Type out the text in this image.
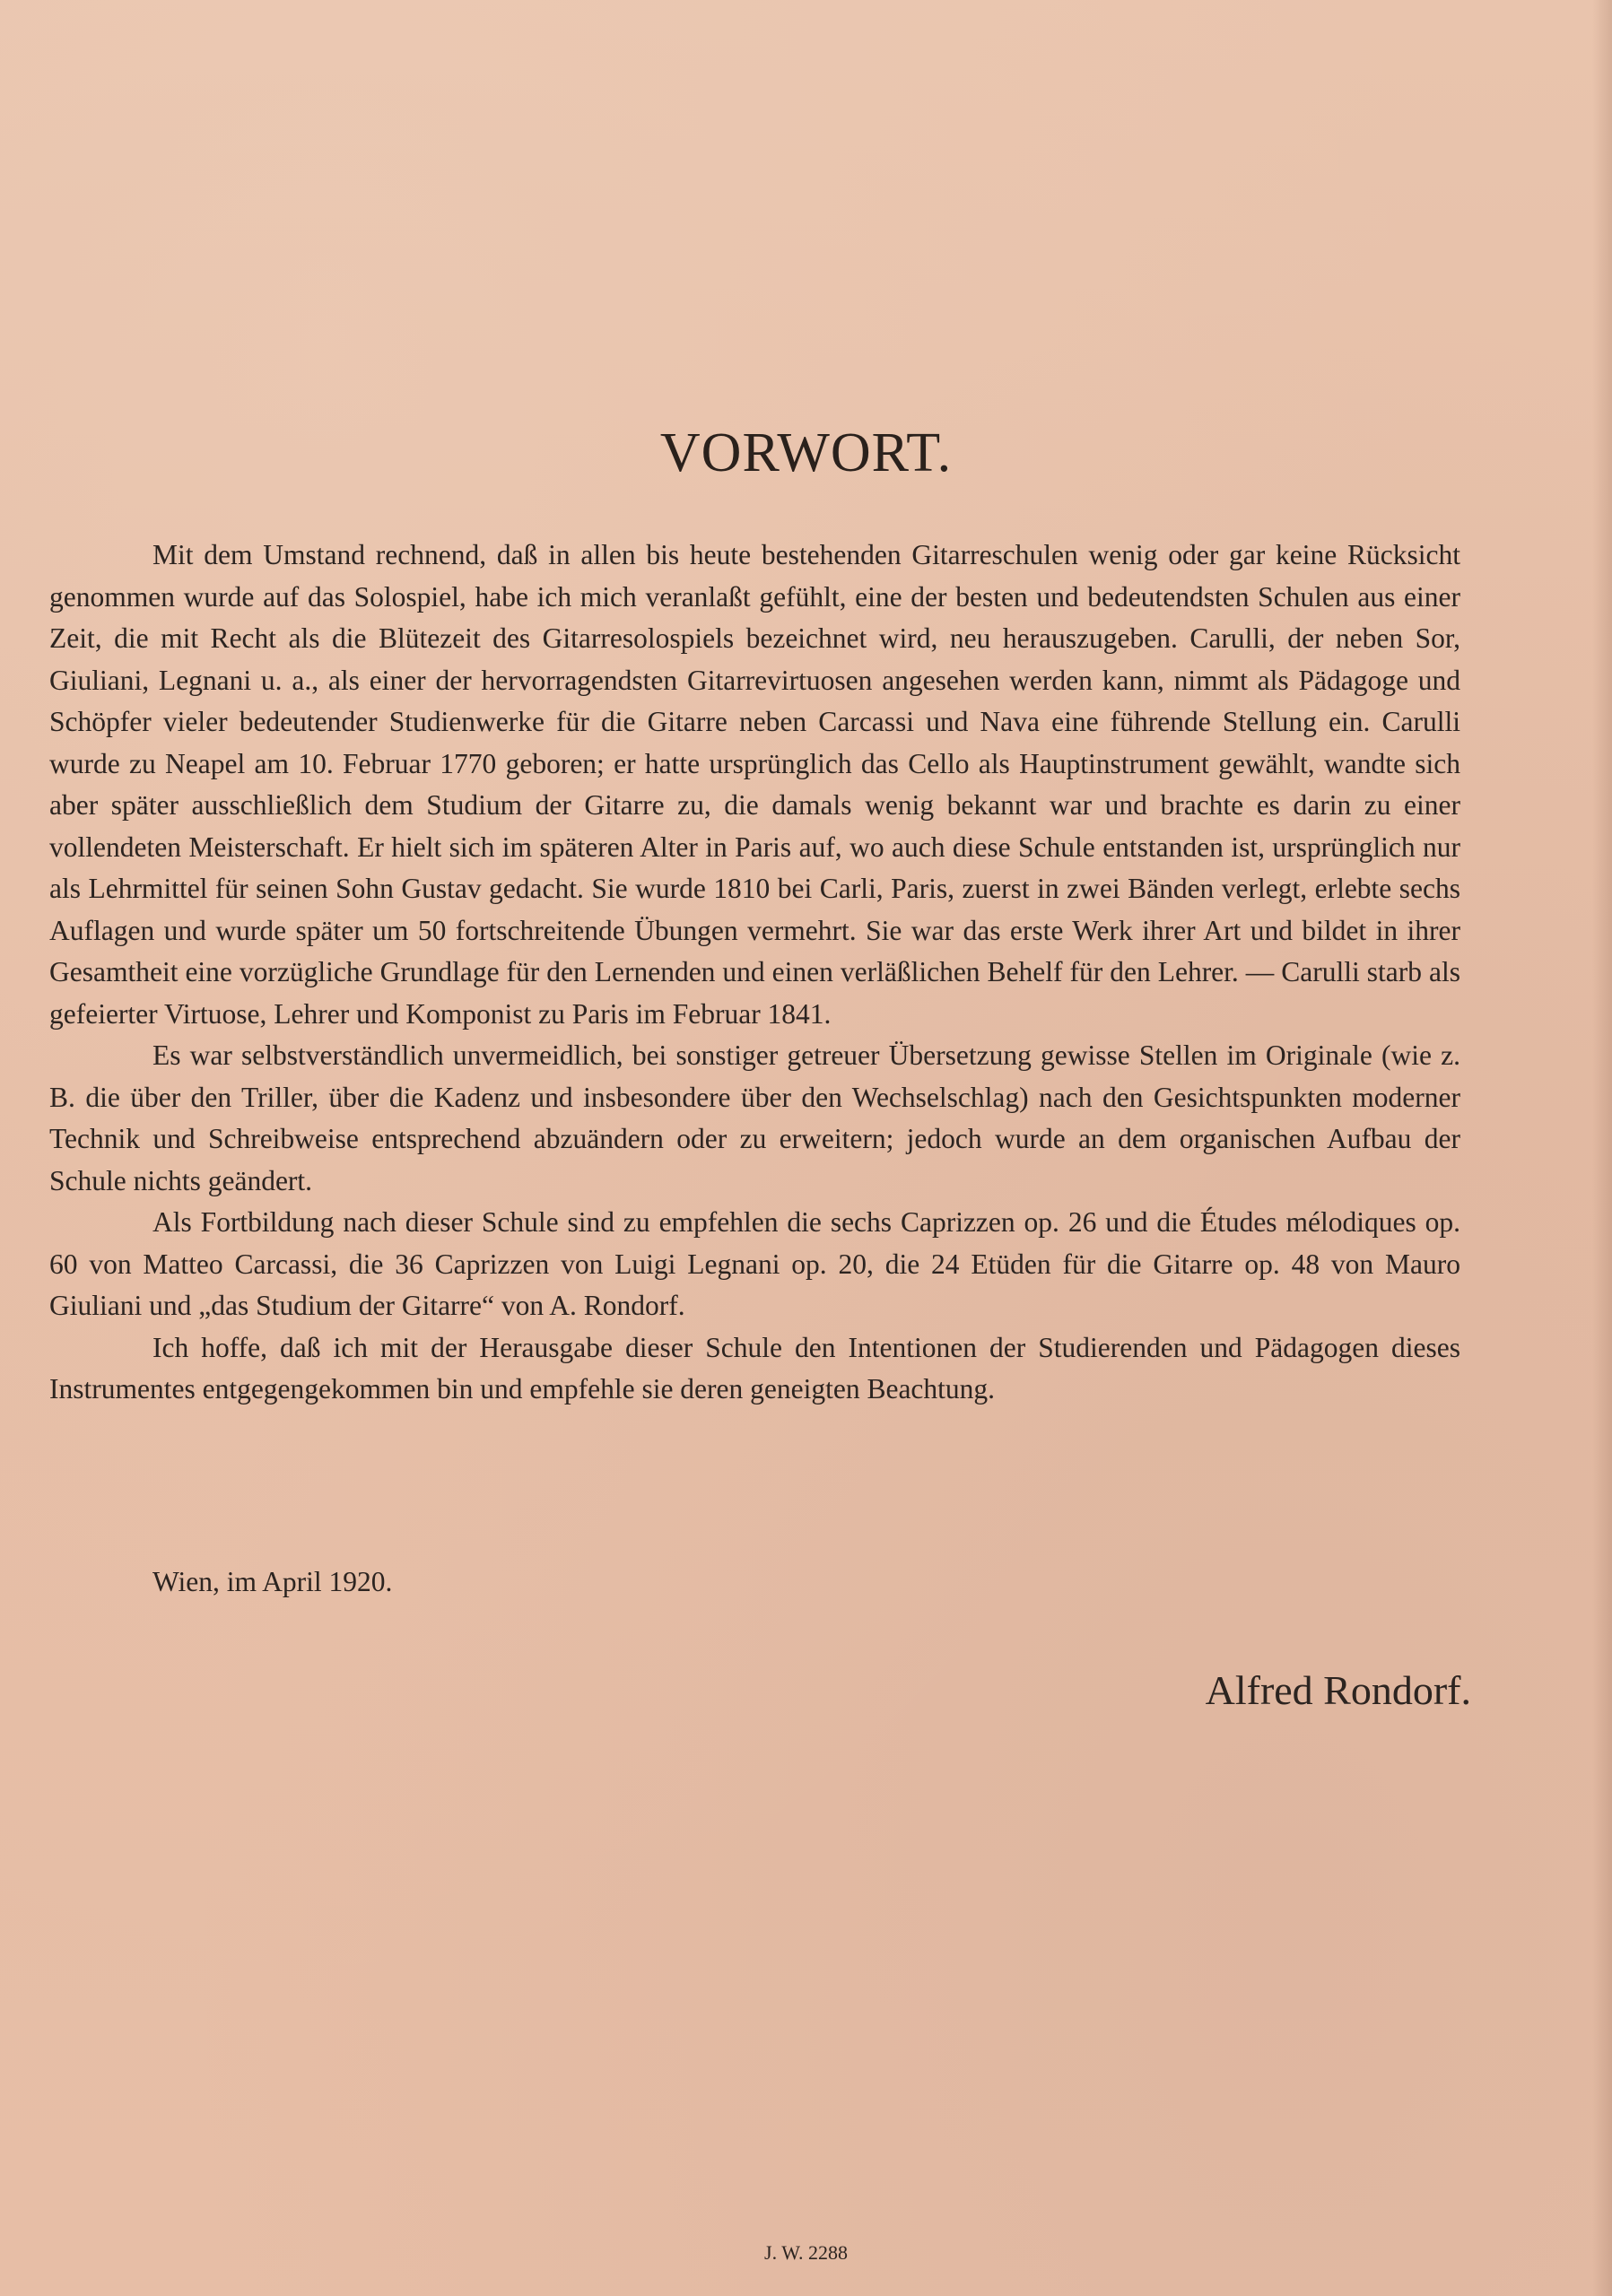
VORWORT.

Mit dem Umstand rechnend, daß in allen bis heute bestehenden Gitarreschulen wenig oder gar keine Rücksicht genommen wurde auf das Solospiel, habe ich mich veranlaßt gefühlt, eine der besten und bedeutendsten Schulen aus einer Zeit, die mit Recht als die Blütezeit des Gitarresolospiels bezeichnet wird, neu herauszugeben. Carulli, der neben Sor, Giuliani, Legnani u. a., als einer der hervorragendsten Gitarrevirtuosen angesehen werden kann, nimmt als Pädagoge und Schöpfer vieler bedeutender Studienwerke für die Gitarre neben Carcassi und Nava eine führende Stellung ein. Carulli wurde zu Neapel am 10. Februar 1770 geboren; er hatte ursprünglich das Cello als Hauptinstrument gewählt, wandte sich aber später ausschließlich dem Studium der Gitarre zu, die damals wenig bekannt war und brachte es darin zu einer vollendeten Meisterschaft. Er hielt sich im späteren Alter in Paris auf, wo auch diese Schule entstanden ist, ursprünglich nur als Lehrmittel für seinen Sohn Gustav gedacht. Sie wurde 1810 bei Carli, Paris, zuerst in zwei Bänden verlegt, erlebte sechs Auflagen und wurde später um 50 fortschreitende Übungen vermehrt. Sie war das erste Werk ihrer Art und bildet in ihrer Gesamtheit eine vorzügliche Grundlage für den Lernenden und einen verläßlichen Behelf für den Lehrer. — Carulli starb als gefeierter Virtuose, Lehrer und Komponist zu Paris im Februar 1841.

Es war selbstverständlich unvermeidlich, bei sonstiger getreuer Übersetzung gewisse Stellen im Originale (wie z. B. die über den Triller, über die Kadenz und insbesondere über den Wechselschlag) nach den Gesichtspunkten moderner Technik und Schreibweise entsprechend abzuändern oder zu erweitern; jedoch wurde an dem organischen Aufbau der Schule nichts geändert.

Als Fortbildung nach dieser Schule sind zu empfehlen die sechs Caprizzen op. 26 und die Études mélodiques op. 60 von Matteo Carcassi, die 36 Caprizzen von Luigi Legnani op. 20, die 24 Etüden für die Gitarre op. 48 von Mauro Giuliani und „das Studium der Gitarre“ von A. Rondorf.

Ich hoffe, daß ich mit der Herausgabe dieser Schule den Intentionen der Studierenden und Pädagogen dieses Instrumentes entgegengekommen bin und empfehle sie deren geneigten Beachtung.

Wien, im April 1920.

Alfred Rondorf.

J. W. 2288
